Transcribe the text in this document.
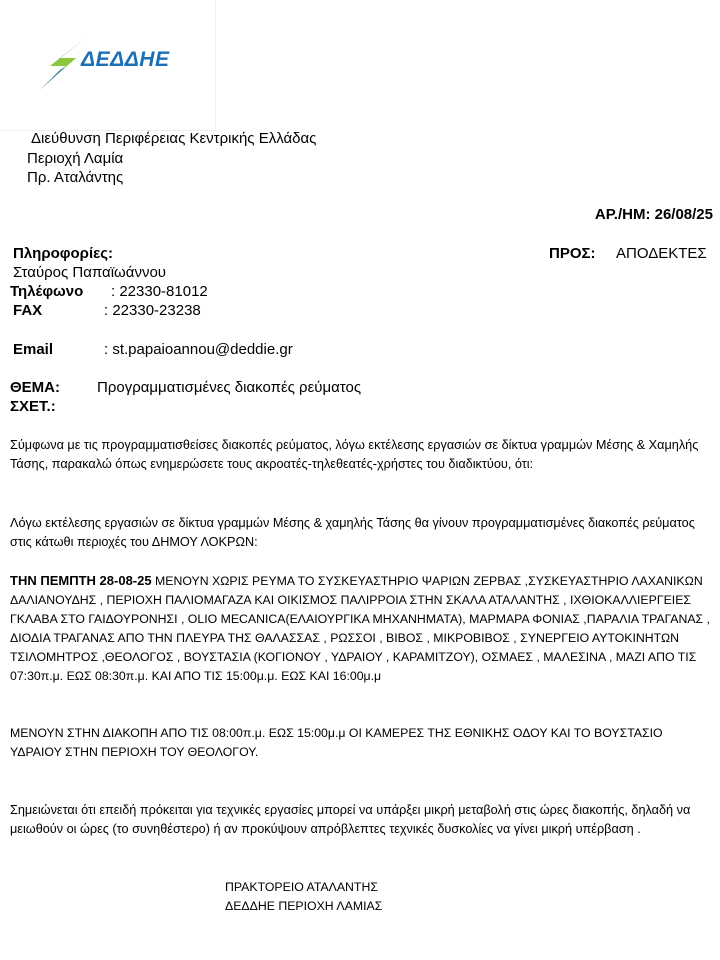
ΔΕΔΔΗΕ
Διεύθυνση Περιφέρειας Κεντρικής Ελλάδας
Περιοχή Λαμία
Πρ. Αταλάντης
ΑΡ./ΗΜ: 26/08/25
Πληροφορίες:
Σταύρος Παπαϊωάννου
Τηλέφωνο : 22330-81012
FAX	: 22330-23238
Email	: st.papaioannou@deddie.gr
ΠΡΟΣ: ΑΠΟΔΕΚΤΕΣ
ΘΕΜΑ: Προγραμματισμένες διακοπές ρεύματος
ΣΧΕΤ.:
Σύμφωνα με τις προγραμματισθείσες διακοπές ρεύματος, λόγω εκτέλεσης εργασιών σε δίκτυα γραμμών Μέσης & Χαμηλής Τάσης, παρακαλώ όπως ενημερώσετε τους ακροατές-τηλεθεατές-χρήστες του διαδικτύου, ότι:
Λόγω εκτέλεσης εργασιών σε δίκτυα γραμμών Μέσης & χαμηλής Τάσης θα γίνουν προγραμματισμένες διακοπές ρεύματος στις κάτωθι περιοχές του ΔΗΜΟΥ ΛΟΚΡΩΝ:
ΤΗΝ ΠΕΜΠΤΗ 28-08-25 ΜΕΝΟΥΝ ΧΩΡΙΣ ΡΕΥΜΑ ΤΟ ΣΥΣΚΕΥΑΣΤΗΡΙΟ ΨΑΡΙΩΝ ΖΕΡΒΑΣ ,ΣΥΣΚΕΥΑΣΤΗΡΙΟ ΛΑΧΑΝΙΚΩΝ ΔΑΛΙΑΝΟΥΔΗΣ , ΠΕΡΙΟΧΗ ΠΑΛΙΟΜΑΓΑΖΑ ΚΑΙ ΟΙΚΙΣΜΟΣ ΠΑΛΙΡΡΟΙΑ ΣΤΗΝ ΣΚΑΛΑ ΑΤΑΛΑΝΤΗΣ , ΙΧΘΙΟΚΑΛΛΙΕΡΓΕΙΕΣ ΓΚΛΑΒΑ ΣΤΟ ΓΑΙΔΟΥΡΟΝΗΣΙ , OLIO MECANICA(ΕΛΑΙΟΥΡΓΙΚΑ ΜΗΧΑΝΗΜΑΤΑ), ΜΑΡΜΑΡΑ ΦΟΝΙΑΣ ,ΠΑΡΑΛΙΑ ΤΡΑΓΑΝΑΣ , ΔΙΟΔΙΑ ΤΡΑΓΑΝΑΣ ΑΠΟ ΤΗΝ ΠΛΕΥΡΑ ΤΗΣ ΘΑΛΑΣΣΑΣ , ΡΩΣΣΟΙ , ΒΙΒΟΣ , ΜΙΚΡΟΒΙΒΟΣ , ΣΥΝΕΡΓΕΙΟ ΑΥΤΟΚΙΝΗΤΩΝ ΤΣΙΛΟΜΗΤΡΟΣ ,ΘΕΟΛΟΓΟΣ , ΒΟΥΣΤΑΣΙΑ (ΚΟΓΙΟΝΟΥ , ΥΔΡΑΙΟΥ , ΚΑΡΑΜΙΤΖΟΥ), ΟΣΜΑΕΣ , ΜΑΛΕΣΙΝΑ , ΜΑΖΙ ΑΠΟ ΤΙΣ 07:30π.μ. ΕΩΣ 08:30π.μ. ΚΑΙ ΑΠΟ ΤΙΣ 15:00μ.μ. ΕΩΣ ΚΑΙ 16:00μ.μ
ΜΕΝΟΥΝ ΣΤΗΝ ΔΙΑΚΟΠΗ ΑΠΟ ΤΙΣ 08:00π.μ. ΕΩΣ 15:00μ.μ ΟΙ ΚΑΜΕΡΕΣ ΤΗΣ ΕΘΝΙΚΗΣ ΟΔΟΥ ΚΑΙ ΤΟ ΒΟΥΣΤΑΣΙΟ ΥΔΡΑΙΟΥ ΣΤΗΝ ΠΕΡΙΟΧΗ ΤΟΥ ΘΕΟΛΟΓΟΥ.
Σημειώνεται ότι επειδή πρόκειται για τεχνικές εργασίες μπορεί να υπάρξει μικρή μεταβολή στις ώρες διακοπής, δηλαδή να μειωθούν οι ώρες (το συνηθέστερο) ή αν προκύψουν απρόβλεπτες τεχνικές δυσκολίες να γίνει μικρή υπέρβαση .
ΠΡΑΚΤΟΡΕΙΟ ΑΤΑΛΑΝΤΗΣ
ΔΕΔΔΗΕ ΠΕΡΙΟΧΗ ΛΑΜΙΑΣ
